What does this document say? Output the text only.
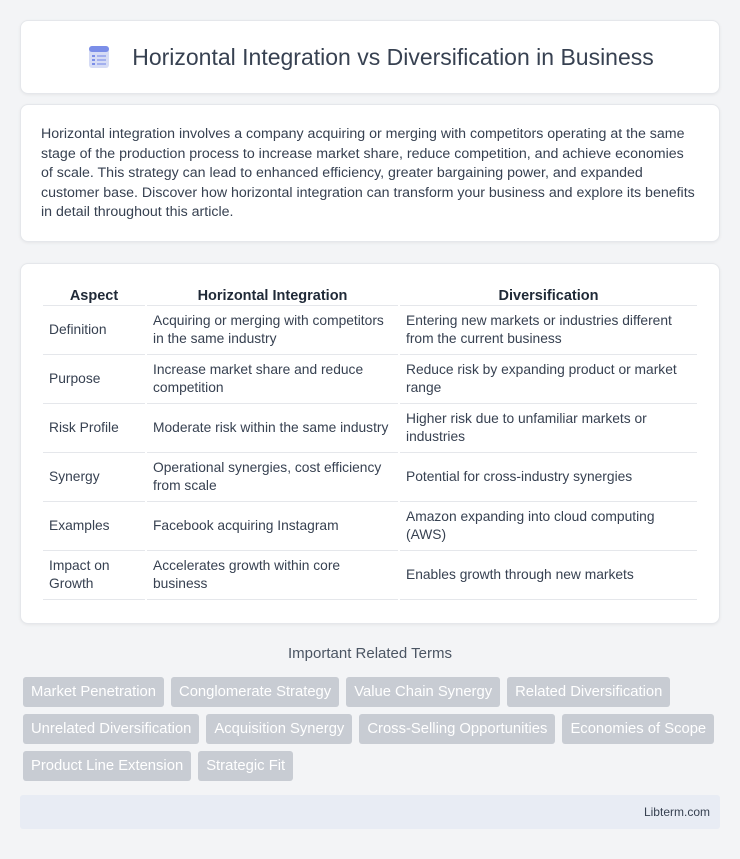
Horizontal Integration vs Diversification in Business

Horizontal integration involves a company acquiring or merging with competitors operating at the same stage of the production process to increase market share, reduce competition, and achieve economies of scale. This strategy can lead to enhanced efficiency, greater bargaining power, and expanded customer base. Discover how horizontal integration can transform your business and explore its benefits in detail throughout this article.

Aspect	Horizontal Integration	Diversification
Definition	Acquiring or merging with competitors in the same industry	Entering new markets or industries different from the current business
Purpose	Increase market share and reduce competition	Reduce risk by expanding product or market range
Risk Profile	Moderate risk within the same industry	Higher risk due to unfamiliar markets or industries
Synergy	Operational synergies, cost efficiency from scale	Potential for cross-industry synergies
Examples	Facebook acquiring Instagram	Amazon expanding into cloud computing (AWS)
Impact on Growth	Accelerates growth within core business	Enables growth through new markets
Important Related Terms
Market Penetration	Conglomerate Strategy	Value Chain Synergy	Related Diversification
Unrelated Diversification	Acquisition Synergy	Cross-Selling Opportunities	Economies of Scope
Product Line Extension	Strategic Fit
Libterm.com
